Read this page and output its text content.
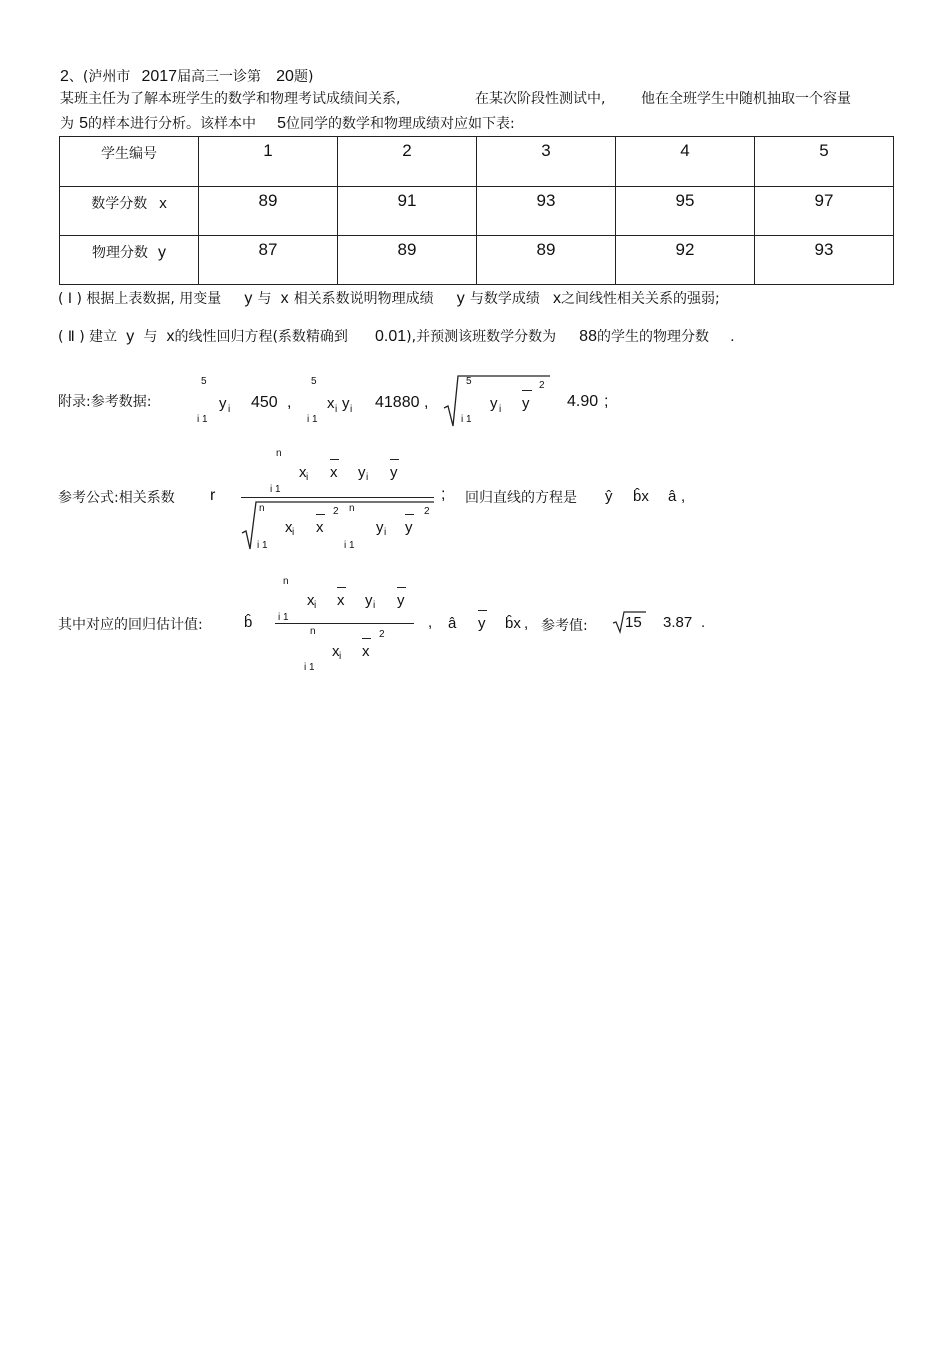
2、(泸州市 2017届高三一诊第 20题)
某班主任为了解本班学生的数学和物理考试成绩间关系,	在某次阶段性测试中,	他在全班学生中随机抽取一个容量
为 5的样本进行分析。该样本中 5位同学的数学和物理成绩对应如下表:
学生编号	1	2	3	4	5
数学分数 x	89	91	93	95	97
物理分数 y	87	89	89	92	93
( Ⅰ ) 根据上表数据, 用变量 y 与 x 相关系数说明物理成绩 y 与数学成绩 x之间线性相关关系的强弱;
( Ⅱ ) 建立 y 与 x的线性回归方程(系数精确到 0.01),并预测该班数学分数为 88的学生的物理分数 .
附录:参考数据:
5
i 1
y i 450 ,
5
i 1
x i y i 41880 ,
5
i 1
y i y
2
4.90 ;
参考公式:相关系数 r
n
x i x y i y
i 1
n
i 1
x i x
2 n
i 1
y i y
2
; 回归直线的方程是 ŷ b̂x â ,
其中对应的回归估计值:	b̂
n
x i x y i y
i 1
n
x i x
2
i 1
, â y b̂x , 参考值: 15 3.87 .
